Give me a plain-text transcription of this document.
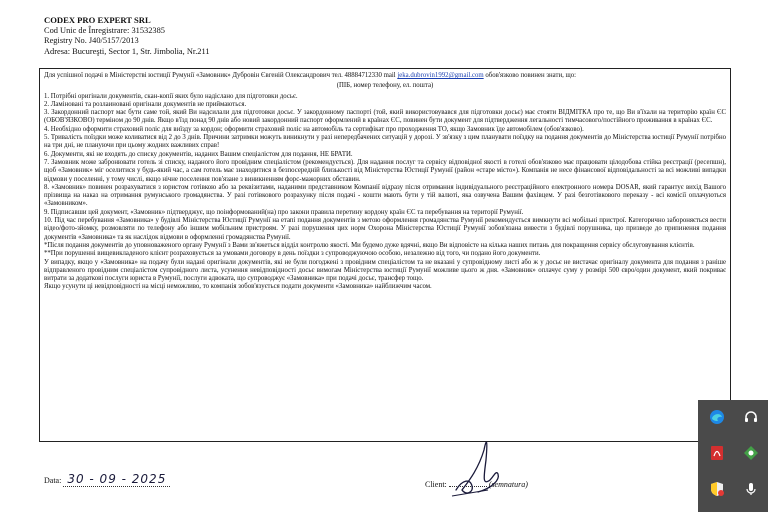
CODEX PRO EXPERT SRL
Cod Unic de Înregistrare: 31532385
Registry No. J40/5157/2013
Adresa: Bucureşti, Sector 1, Str. Jimbolia, Nr.211

Для успішної подачі в Міністерстві юстиції Румунії «Замовник» Дубровін Євгеній Олександрович тел. 48884712330 mail jeka.dubrovin1992@gmail.com обов'язково повинен знати, що:

(ПІБ, номер телефону, ел. пошта)

1. Потрібні оригінали документів, скан-копії яких було надіслано для підготовки досьє.

2. Ламіновані та розлаиновані оригінали документів не приймаються.

3. Закордонний паспорт має бути саме той, який Ви надсилали для підготовки досьє. У закордонному паспорті (той, який використовувався для підготовки досьє) має стояти ВІДМІТКА про те, що Ви в'їхали на територію країн ЄС (ОБОВ'ЯЗКОВО) терміном до 90 днів. Якщо в'їзд понад 90 днів або новий закордонний паспорт оформлений в країнах ЄС, повинен бути документ для підтвердження легальності тимчасового/постійного проживання в країнах ЄС.

4. Необхідно оформити страховий поліс для виїзду за кордон; оформити страховий поліс на автомобіль та сертифікат про проходження ТО, якщо Замовник їде автомобілем (обов'язково).

5. Тривалість поїздки може коливатися від 2 до 3 днів. Причини затримки можуть виникнути у разі непередбачених ситуацій у дорозі. У зв'язку з цим планувати поїздку на подання документів до Міністерства юстиції Румунії потрібно на три дні, не плануючи при цьому жодних важливих справ!

6. Документи, які не входять до списку документів, наданих Вашим спеціалістом для подання, НЕ БРАТИ.

7. Замовник може забронювати готель зі списку, наданого його провідним спеціалістом (рекомендується). Для надання послуг та сервісу відповідної якості в готелі обов'язково має працювати цілодобова стійка реєстрації (ресепшн), щоб «Замовник» міг оселитися у будь-який час, а сам готель має знаходитися в безпосередній близькості від Міністерства Юстиції Румунії (район «старе місто»). Компанія не несе фінансової відповідальності за всі можливі випадки відмови у поселенні, у тому числі, якщо нічне поселення пов'язане з виникненням форс-мажорних обставин.

8. «Замовник» повинен розрахуватися з юристом готівкою або за реквізитами, наданими представником Компанії відразу після отримання індивідуального реєстраційного електронного номера DOSAR, який гарантує вихід Вашого прізвища на наказ на отримання румунського громадянства. У разі готівкового розрахунку після подачі - кошти мають бути у тій валюті, яка озвучена Вашим фахівцем. У разі безготівкового переказу - всі комісії оплачуються «Замовником».

9. Підписавши цей документ, «Замовник» підтверджує, що поінформований(на) про закони правила перетину кордону країн ЄС та перебування на території Румунії.

10. Під час перебування «Замовника» у будівлі Міністерства Юстиції Румунії на етапі подання документів з метою оформлення громадянства Румунії рекомендується вимкнути всі мобільні пристрої. Категорично забороняється вести відео/фото-зйомку, розмовляти по телефону або іншим мобільним пристроям. У разі порушення цих норм Охорона Міністерства Юстиції Румунії зобов'язана вивести з будівлі порушника, що призведе до припинення подання документів «Замовника» та як наслідок відмови в оформленні громадянства Румунії.

*Після подання документів до уповноваженого органу Румунії з Вами зв'яжеться відділ контролю якості. Ми будемо дуже вдячні, якщо Ви відповісте на кілька наших питань для покращення сервісу обслуговування клієнтів.

**При порушенні вищевикладеного клієнт розраховується за умовами договору в день поїздки з супроводжуючою особою, незалежно від того, чи подано його документи.

У випадку, якщо у «Замовника» на подачу були надані оригінали документів, які не були погоджені з провідним спеціалістом та не вказані у супровідному листі або ж у досьє не вистачає оригіналу документа для подання з раніше відправленого провідним спеціалістом супровідного листа, усунення невідповідності досьє вимогам Міністерства юстиції Румунії можливе цього ж дня. «Замовник» оплачує суму у розмірі 500 євро/один документ, який покриває витрати за додаткові послуги юриста в Румунії, послуги адвоката, що супроводжує «Замовника» при подачі досьє, трансфер тощо.

Якщо усунути ці невідповідності на місці неможливо, то компанія зобов'язується подати документи «Замовника» найближчим часом.

Data: 30 - 09 - 2025	Client:	(semnatura)
